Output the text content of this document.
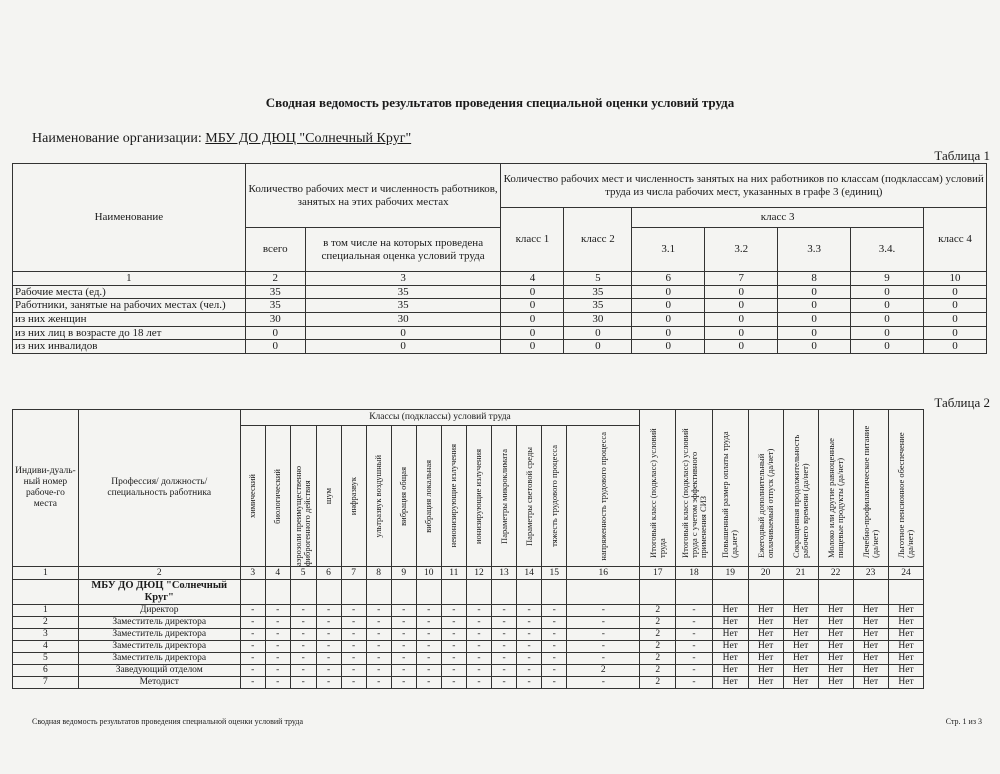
Сводная ведомость результатов проведения специальной оценки условий труда
Наименование организации: МБУ ДО ДЮЦ "Солнечный Круг"
Таблица 1
Наименование	Количество рабочих мест и численность работников, занятых на этих рабочих местах		Количество рабочих мест и численность занятых на них работников по классам (подклассам) условий труда из числа рабочих мест, указанных в графе 3 (единиц)						
			класс 1	класс 2	класс 3				класс 4
	всего	в том числе на которых проведена специальная оценка условий труда			3.1	3.2	3.3	3.4.	
1	2	3	4	5	6	7	8	9	10
Рабочие места (ед.)	35	35	0	35	0	0	0	0	0
Работники, занятые на рабочих местах (чел.)	35	35	0	35	0	0	0	0	0
из них женщин	30	30	0	30	0	0	0	0	0
из них лиц в возрасте до 18 лет	0	0	0	0	0	0	0	0	0
из них инвалидов	0	0	0	0	0	0	0	0	0
Таблица 2
Индиви-дуаль-ный номер рабоче-го места	Профессия/ должность/ специальность работника	Классы (подклассы) условий труда														Итоговый класс (подкласс) условий труда	Итоговый класс (подкласс) условий труда с учетом эффективного применения СИЗ	Повышенный размер оплаты труда (да,нет)	Ежегодный дополнительный оплачиваемый отпуск (да/нет)	Сокращенная продолжительность рабочего времени (да/нет)	Молоко или другие равноценные пищевые продукты (да/нет)	Лечебно-профилактическое питание (да/нет)	Льготное пенсионное обеспечение (да/нет)

		химический	биологический	аэрозоли преимущественно фиброгенного действия	шум	инфразвук	ультразвук воздушный	вибрация общая	вибрация локальная	неионизирующие излучения	ионизирующие излучения	Параметры микроклимата	Параметры световой среды	тяжесть трудового процесса	напряженность трудового процесса								

1	2	3	4	5	6	7	8	9	10	11	12	13	14	15	16	17	18	19	20	21	22	23	24
	МБУ ДО ДЮЦ "Солнечный Круг"																						
1	Директор	-	-	-	-	-	-	-	-	-	-	-	-	-	-	2	-	Нет	Нет	Нет	Нет	Нет	Нет
2	Заместитель директора	-	-	-	-	-	-	-	-	-	-	-	-	-	-	2	-	Нет	Нет	Нет	Нет	Нет	Нет
3	Заместитель директора	-	-	-	-	-	-	-	-	-	-	-	-	-	-	2	-	Нет	Нет	Нет	Нет	Нет	Нет
4	Заместитель директора	-	-	-	-	-	-	-	-	-	-	-	-	-	-	2	-	Нет	Нет	Нет	Нет	Нет	Нет
5	Заместитель директора	-	-	-	-	-	-	-	-	-	-	-	-	-	-	2	-	Нет	Нет	Нет	Нет	Нет	Нет
6	Заведующий отделом	-	-	-	-	-	-	-	-	-	-	-	-	-	2	2	-	Нет	Нет	Нет	Нет	Нет	Нет
7	Методист	-	-	-	-	-	-	-	-	-	-	-	-	-	-	2	-	Нет	Нет	Нет	Нет	Нет	Нет
Сводная ведомость результатов проведения специальной оценки условий труда	Стр. 1 из 3
